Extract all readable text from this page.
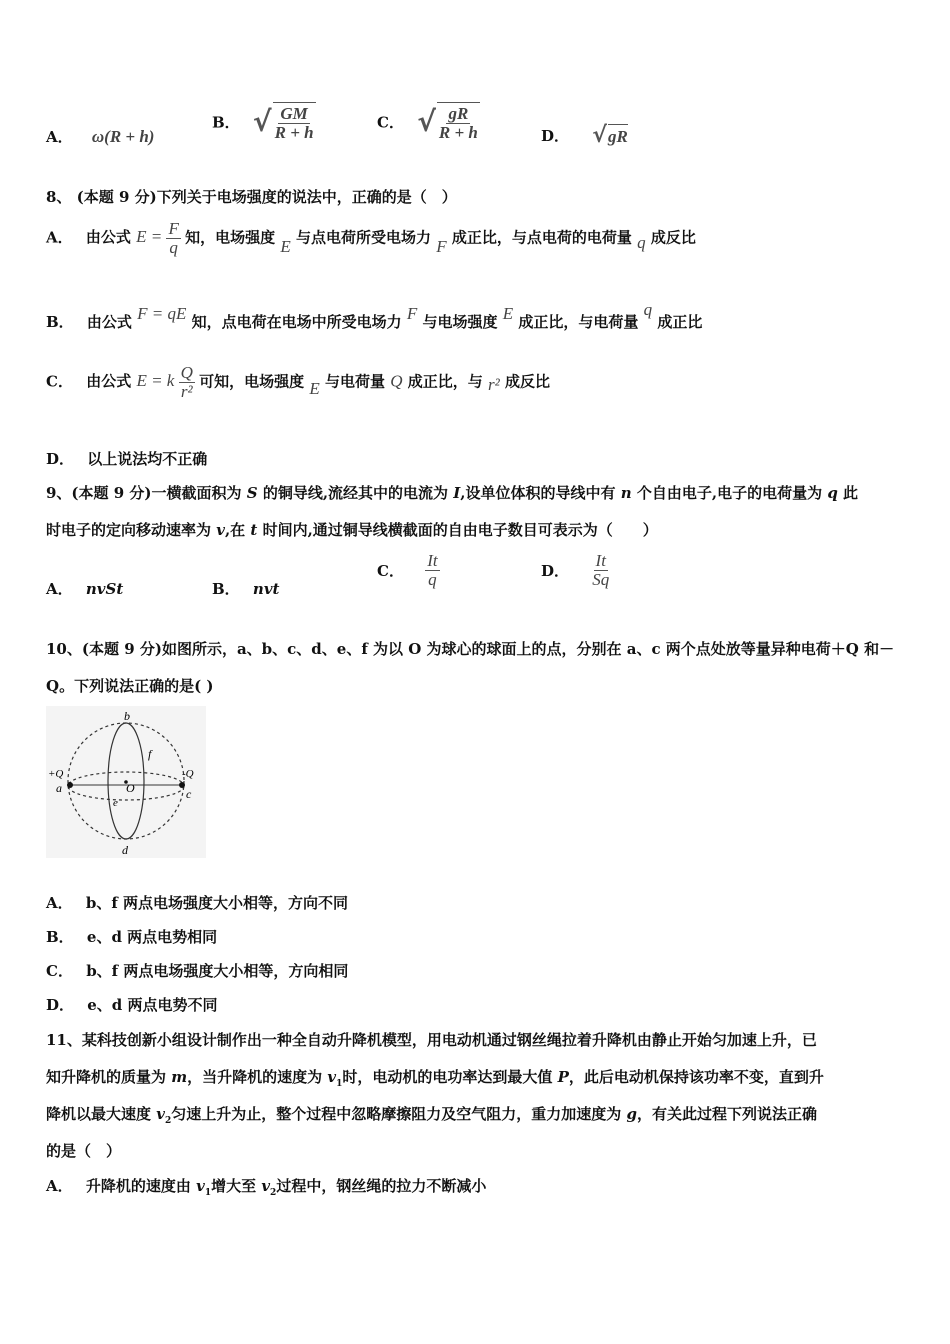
A． ω(R + h)
B． √ $\frac{GM}{R + h}$	C． √ $\frac{gR}{R + h}$	D． √ gR
8、 (本题 9 分)下列关于电场强度的说法中，正确的是（　）
A． 由公式 $E = \frac{F}{q}$ 知，电场强度 E 与点电荷所受电场力 F 成正比，与点电荷的电荷量 q 成反比
B． 由公式 F = qE 知，点电荷在电场中所受电场力 F 与电场强度 E 成正比，与电荷量 q 成正比
C． 由公式 E = k $\frac{Q}{\text{r²}}$ 可知，电场强度 E 与电荷量 Q 成正比，与 r² 成反比
D． 以上说法均不正确
9、(本题 9 分)一横截面积为 S 的铜导线,流经其中的电流为 I,设单位体积的导线中有 n 个自由电子,电子的电荷量为 q 此
时电子的定向移动速率为 v,在 t 时间内,通过铜导线横截面的自由电子数目可表示为（　　）
A． nvSt	B． nvt
C． $\frac{It}{q}$	D． $\frac{It}{Sq}$
10、(本题 9 分)如图所示，a、b、c、d、e、f 为以 O 为球心的球面上的点，分别在 a、c 两个点处放等量异种电荷＋Q 和－
Q。下列说法正确的是( )
b
d
a	c
e
f
O
+Q	-Q
A． b、f 两点电场强度大小相等，方向不同
B． e、d 两点电势相同
C． b、f 两点电场强度大小相等，方向相同
D． e、d 两点电势不同
11、某科技创新小组设计制作出一种全自动升降机模型，用电动机通过钢丝绳拉着升降机由静止开始匀加速上升，已
知升降机的质量为 m，当升降机的速度为 $v_1$时，电动机的电功率达到最大值 P，此后电动机保持该功率不变，直到升
降机以最大速度 $v_2$匀速上升为止，整个过程中忽略摩擦阻力及空气阻力，重力加速度为 g，有关此过程下列说法正确
的是（　）
A． 升降机的速度由 $v_1$增大至 $v_2$过程中，钢丝绳的拉力不断减小
